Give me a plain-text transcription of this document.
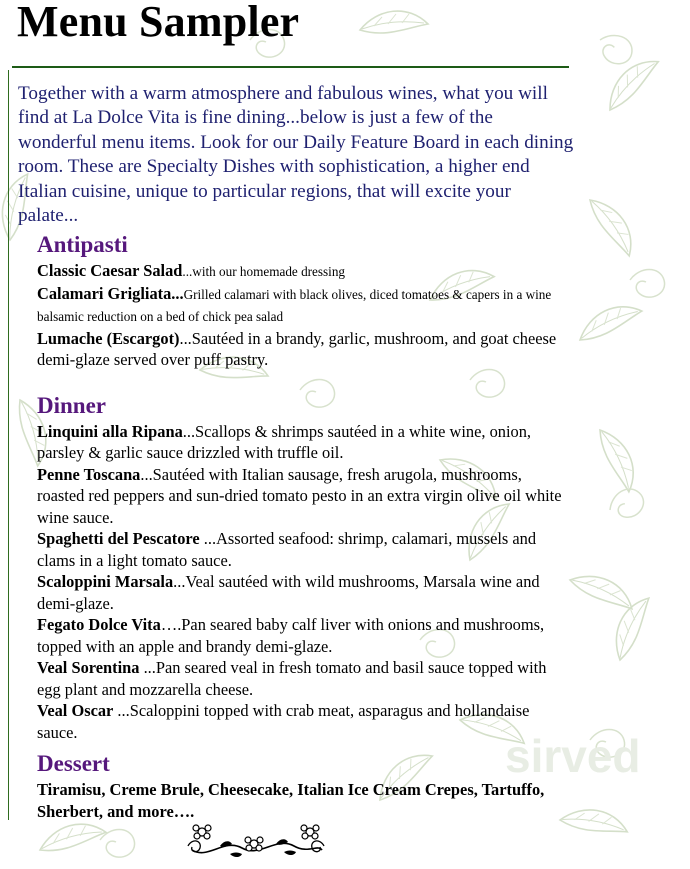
sirved
Menu Sampler

Together with a warm atmosphere and fabulous wines, what you will find at La Dolce Vita is fine dining...below is just a few of the wonderful menu items. Look for our Daily Feature Board in each dining room. These are Specialty Dishes with sophistication, a higher end Italian cuisine, unique to particular regions, that will excite your palate...

Antipasti

Classic Caesar Salad...with our homemade dressing

Calamari Grigliata...Grilled calamari with black olives, diced tomatoes & capers in a wine balsamic reduction on a bed of chick pea salad

Lumache (Escargot)...Sautéed in a brandy, garlic, mushroom, and goat cheese demi-glaze served over puff pastry.

Dinner

Linquini alla Ripana...Scallops & shrimps sautéed in a white wine, onion, parsley & garlic sauce drizzled with truffle oil.

Penne Toscana...Sautéed with Italian sausage, fresh arugola, mushrooms, roasted red peppers and sun-dried tomato pesto in an extra virgin olive oil white wine sauce.

Spaghetti del Pescatore ...Assorted seafood: shrimp, calamari, mussels and clams in a light tomato sauce.

Scaloppini Marsala...Veal sautéed with wild mushrooms, Marsala wine and demi-glaze.

Fegato Dolce Vita….Pan seared baby calf liver with onions and mushrooms, topped with an apple and brandy demi-glaze.

Veal Sorentina ...Pan seared veal in fresh tomato and basil sauce topped with egg plant and mozzarella cheese.

Veal Oscar ...Scaloppini topped with crab meat, asparagus and hollandaise sauce.

Dessert

Tiramisu, Creme Brule, Cheesecake, Italian Ice Cream Crepes, Tartuffo, Sherbert, and more….
